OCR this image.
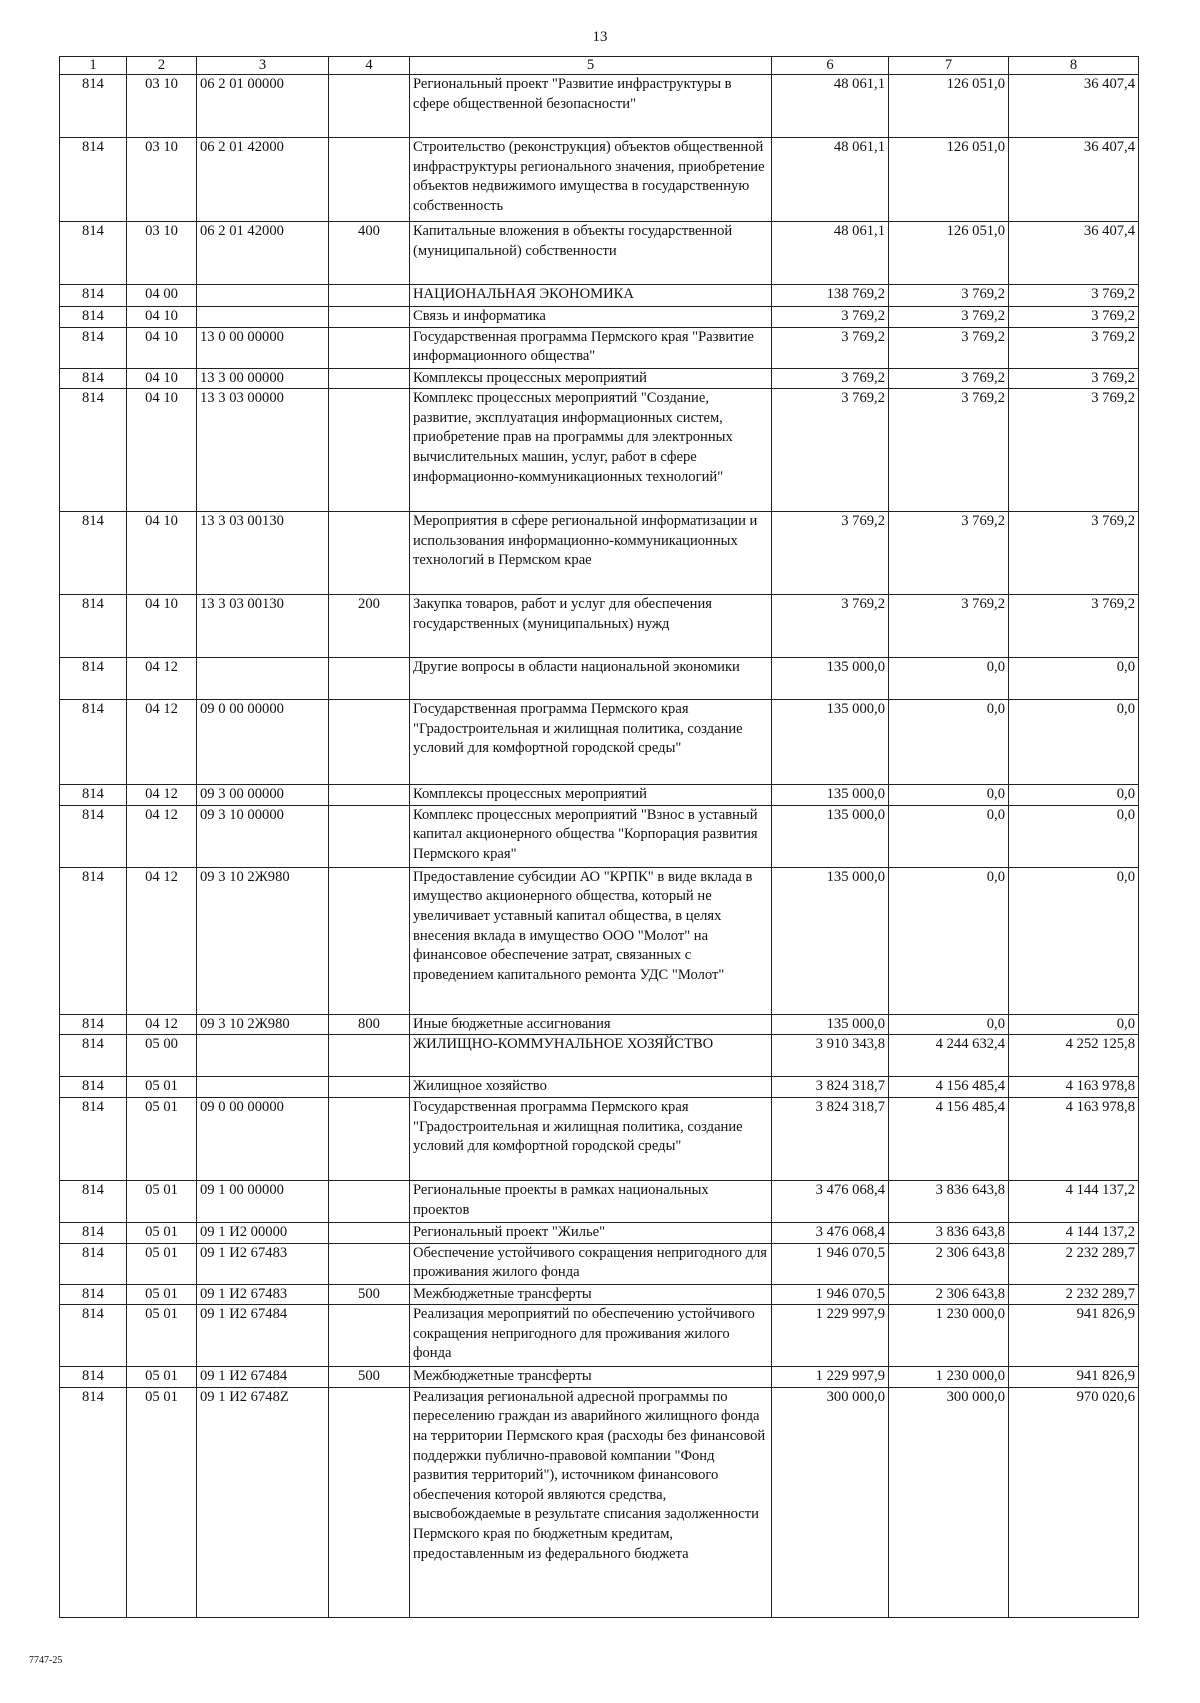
13
1	2	3	4	5	6	7	8
814	03 10	06 2 01 00000		Региональный проект "Развитие инфраструктуры в сфере общественной безопасности"	48 061,1	126 051,0	36 407,4
814	03 10	06 2 01 42000		Строительство (реконструкция) объектов общественной инфраструктуры регионального значения, приобретение объектов недвижимого имущества в государственную собственность	48 061,1	126 051,0	36 407,4
814	03 10	06 2 01 42000	400	Капитальные вложения в объекты государственной (муниципальной) собственности	48 061,1	126 051,0	36 407,4
814	04 00			НАЦИОНАЛЬНАЯ ЭКОНОМИКА	138 769,2	3 769,2	3 769,2
814	04 10			Связь и информатика	3 769,2	3 769,2	3 769,2
814	04 10	13 0 00 00000		Государственная программа Пермского края "Развитие информационного общества"	3 769,2	3 769,2	3 769,2
814	04 10	13 3 00 00000		Комплексы процессных мероприятий	3 769,2	3 769,2	3 769,2
814	04 10	13 3 03 00000		Комплекс процессных мероприятий "Создание, развитие, эксплуатация информационных систем, приобретение прав на программы для электронных вычислительных машин, услуг, работ в сфере информационно-коммуникационных технологий"	3 769,2	3 769,2	3 769,2
814	04 10	13 3 03 00130		Мероприятия в сфере региональной информатизации и использования информационно-коммуникационных технологий в Пермском крае	3 769,2	3 769,2	3 769,2
814	04 10	13 3 03 00130	200	Закупка товаров, работ и услуг для обеспечения государственных (муниципальных) нужд	3 769,2	3 769,2	3 769,2
814	04 12			Другие вопросы в области национальной экономики	135 000,0	0,0	0,0
814	04 12	09 0 00 00000		Государственная программа Пермского края "Градостроительная и жилищная политика, создание условий для комфортной городской среды"	135 000,0	0,0	0,0
814	04 12	09 3 00 00000		Комплексы процессных мероприятий	135 000,0	0,0	0,0
814	04 12	09 3 10 00000		Комплекс процессных мероприятий "Взнос в уставный капитал акционерного общества "Корпорация развития Пермского края"	135 000,0	0,0	0,0
814	04 12	09 3 10 2Ж980		Предоставление субсидии АО "КРПК" в виде вклада в имущество акционерного общества, который не увеличивает уставный капитал общества, в целях внесения вклада в имущество ООО "Молот" на финансовое обеспечение затрат, связанных с проведением капитального ремонта УДС "Молот"	135 000,0	0,0	0,0
814	04 12	09 3 10 2Ж980	800	Иные бюджетные ассигнования	135 000,0	0,0	0,0
814	05 00			ЖИЛИЩНО-КОММУНАЛЬНОЕ ХОЗЯЙСТВО	3 910 343,8	4 244 632,4	4 252 125,8
814	05 01			Жилищное хозяйство	3 824 318,7	4 156 485,4	4 163 978,8
814	05 01	09 0 00 00000		Государственная программа Пермского края "Градостроительная и жилищная политика, создание условий для комфортной городской среды"	3 824 318,7	4 156 485,4	4 163 978,8
814	05 01	09 1 00 00000		Региональные проекты в рамках национальных проектов	3 476 068,4	3 836 643,8	4 144 137,2
814	05 01	09 1 И2 00000		Региональный проект "Жилье"	3 476 068,4	3 836 643,8	4 144 137,2
814	05 01	09 1 И2 67483		Обеспечение устойчивого сокращения непригодного для проживания жилого фонда	1 946 070,5	2 306 643,8	2 232 289,7
814	05 01	09 1 И2 67483	500	Межбюджетные трансферты	1 946 070,5	2 306 643,8	2 232 289,7
814	05 01	09 1 И2 67484		Реализация мероприятий по обеспечению устойчивого сокращения непригодного для проживания жилого фонда	1 229 997,9	1 230 000,0	941 826,9
814	05 01	09 1 И2 67484	500	Межбюджетные трансферты	1 229 997,9	1 230 000,0	941 826,9
814	05 01	09 1 И2 6748Z		Реализация региональной адресной программы по переселению граждан из аварийного жилищного фонда на территории Пермского края (расходы без финансовой поддержки публично-правовой компании "Фонд развития территорий"), источником финансового обеспечения которой являются средства, высвобождаемые в результате списания задолженности Пермского края по бюджетным кредитам, предоставленным из федерального бюджета	300 000,0	300 000,0	970 020,6
7747-25
